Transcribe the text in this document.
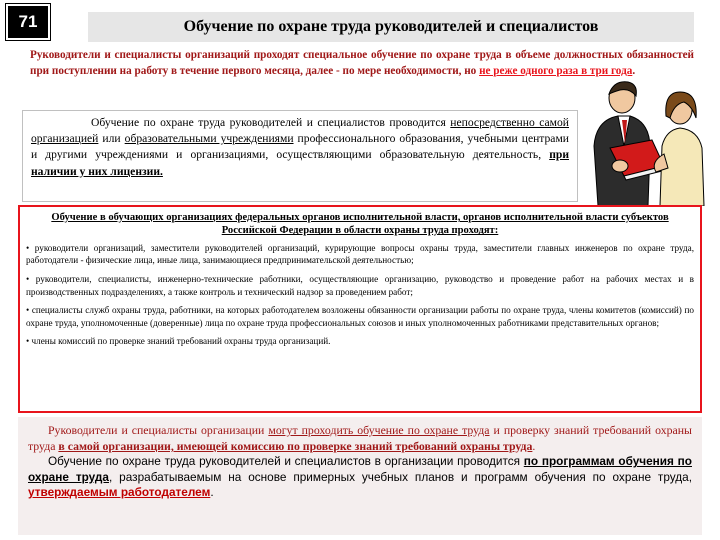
71	Обучение по охране труда руководителей и специалистов
Руководители и специалисты организаций проходят специальное обучение по охране труда в объеме должностных обязанностей при поступлении на работу в течение первого месяца, далее - по мере необходимости, но не реже одного раза в три года.
Обучение по охране труда руководителей и специалистов проводится непосредственно самой организацией или образовательными учреждениями профессионального образования, учебными центрами и другими учреждениями и организациями, осуществляющими образовательную деятельность, при наличии у них лицензии.
Обучение в обучающих организациях федеральных органов исполнительной власти, органов исполнительной власти субъектов Российской Федерации в области охраны труда проходят:
• руководители организаций, заместители руководителей организаций, курирующие вопросы охраны труда, заместители главных инженеров по охране труда, работодатели - физические лица, иные лица, занимающиеся предпринимательской деятельностью;
• руководители, специалисты, инженерно-технические работники, осуществляющие организацию, руководство и проведение работ на рабочих местах и в производственных подразделениях, а также контроль и технический надзор за проведением работ;
• специалисты служб охраны труда, работники, на которых работодателем возложены обязанности организации работы по охране труда, члены комитетов (комиссий) по охране труда, уполномоченные (доверенные) лица по охране труда профессиональных союзов и иных уполномоченных работниками представительных органов;
• члены комиссий по проверке знаний требований охраны труда организаций.

Руководители и специалисты организации могут проходить обучение по охране труда и проверку знаний требований охраны труда в самой организации, имеющей комиссию по проверке знаний требований охраны труда.

Обучение по охране труда руководителей и специалистов в организации проводится по программам обучения по охране труда, разрабатываемым на основе примерных учебных планов и программ обучения по охране труда, утверждаемым работодателем.
